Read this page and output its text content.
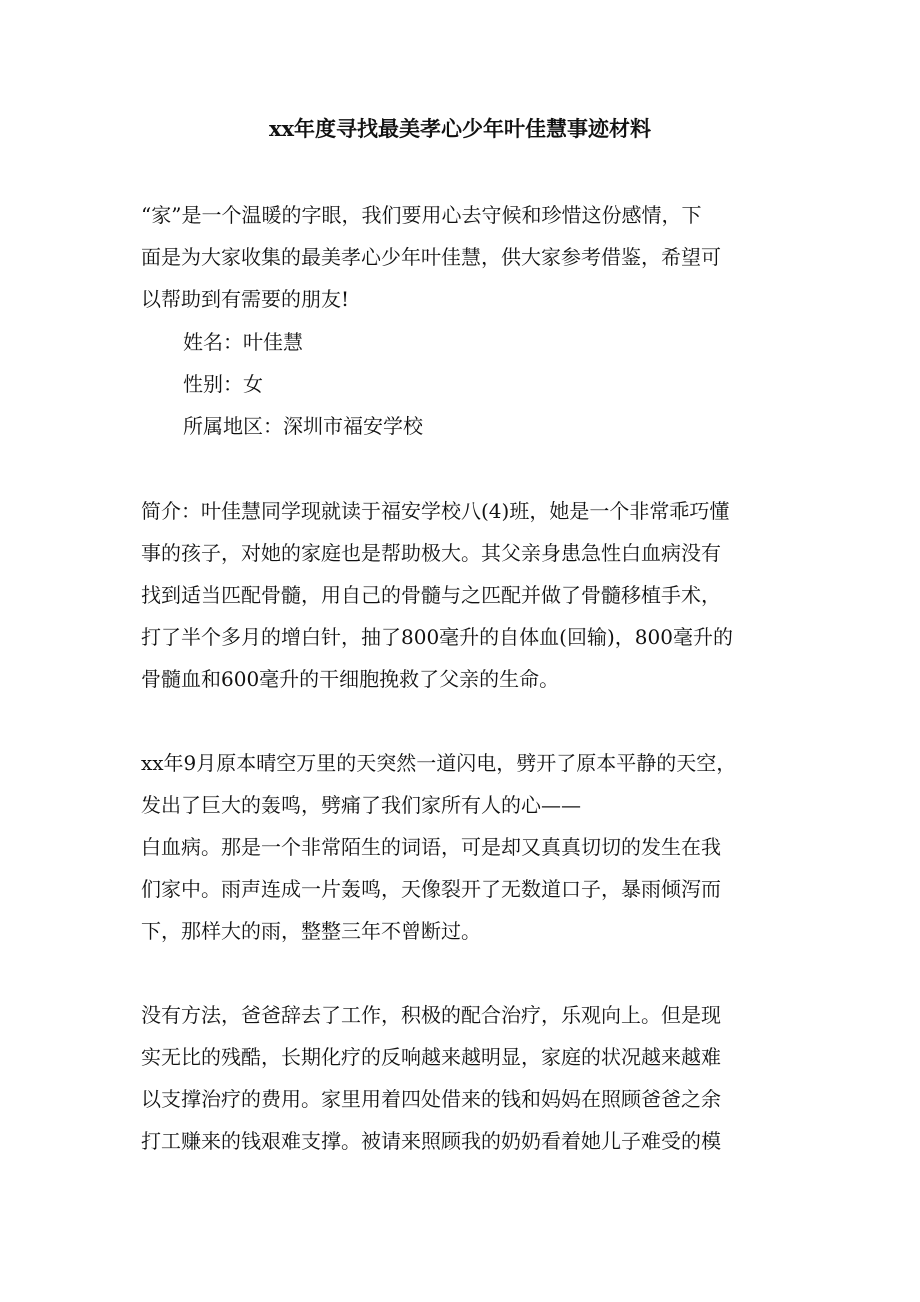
xx年度寻找最美孝心少年叶佳慧事迹材料
“家”是一个温暖的字眼，我们要用心去守候和珍惜这份感情，下
面是为大家收集的最美孝心少年叶佳慧，供大家参考借鉴，希望可
以帮助到有需要的朋友!
姓名：叶佳慧
性别：女
所属地区：深圳市福安学校
简介：叶佳慧同学现就读于福安学校八(4)班，她是一个非常乖巧懂
事的孩子，对她的家庭也是帮助极大。其父亲身患急性白血病没有
找到适当匹配骨髓，用自己的骨髓与之匹配并做了骨髓移植手术，
打了半个多月的增白针，抽了800毫升的自体血(回输)，800毫升的
骨髓血和600毫升的干细胞挽救了父亲的生命。
xx年9月原本晴空万里的天突然一道闪电，劈开了原本平静的天空，
发出了巨大的轰鸣，劈痛了我们家所有人的心——
白血病。那是一个非常陌生的词语，可是却又真真切切的发生在我
们家中。雨声连成一片轰鸣，天像裂开了无数道口子，暴雨倾泻而
下，那样大的雨，整整三年不曾断过。
没有方法，爸爸辞去了工作，积极的配合治疗，乐观向上。但是现
实无比的残酷，长期化疗的反响越来越明显，家庭的状况越来越难
以支撑治疗的费用。家里用着四处借来的钱和妈妈在照顾爸爸之余
打工赚来的钱艰难支撑。被请来照顾我的奶奶看着她儿子难受的模
